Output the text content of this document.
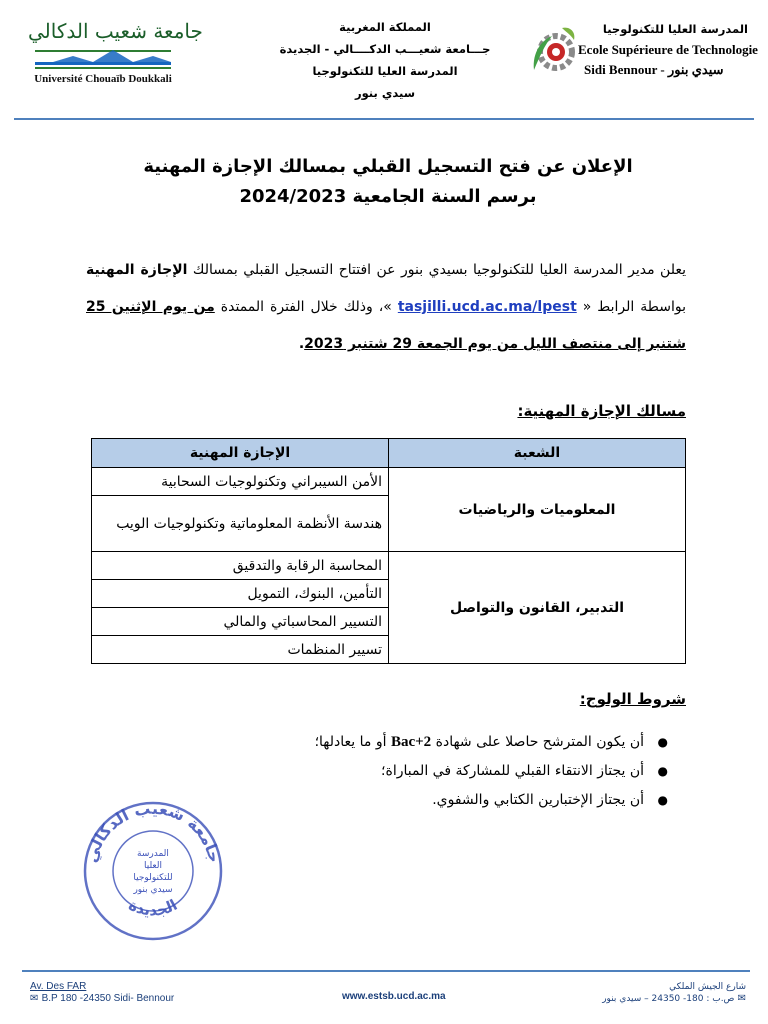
جامعة شعيب الدكالي
Université Chouaïb Doukkali
المملكة المغربية
جـــامعة شعيـــب الدكــــالي - الجديدة
المدرسة العليا للتكنولوجيا
سيدي بنور
المدرسة العليا للتكنولوجيا
Ecole Supérieure de Technologie
Sidi Bennour - سيدي بنور
الإعلان عن فتح التسجيل القبلي بمسالك الإجازة المهنية
برسم السنة الجامعية 2024/2023

يعلن مدير المدرسة العليا للتكنولوجيا بسيدي بنور عن افتتاح التسجيل القبلي بمسالك الإجازة المهنية بواسطة الرابط « tasjilli.ucd.ac.ma/lpest »، وذلك خلال الفترة الممتدة من يوم الإثنين 25 شتنبر إلى منتصف الليل من يوم الجمعة 29 شتنبر 2023.

مسالك الإجازة المهنية:
الشعبة	الإجازة المهنية
المعلوميات والرياضيات	الأمن السيبراني وتكنولوجيات السحابية
	هندسة الأنظمة المعلوماتية وتكنولوجيات الويب
التدبير، القانون والتواصل	المحاسبة الرقابة والتدقيق
	التأمين، البنوك، التمويل
	التسيير المحاسباتي والمالي
	تسيير المنظمات
شروط الولوج:
●
أن يكون المترشح حاصلا على شهادة Bac+2 أو ما يعادلها؛
●
أن يجتاز الانتقاء القبلي للمشاركة في المباراة؛
●
أن يجتاز الإختبارين الكتابي والشفوي.
جامعة شعيب الدكالي
الجديدة
المدرسة
العليا
للتكنولوجيا
سيدي بنور
Av. Des FAR
✉ B.P 180 -24350 Sidi- Bennour	www.estsb.ucd.ac.ma
شارع الجيش الملكي
✉ ص.ب : 180- 24350 – سيدي بنور
